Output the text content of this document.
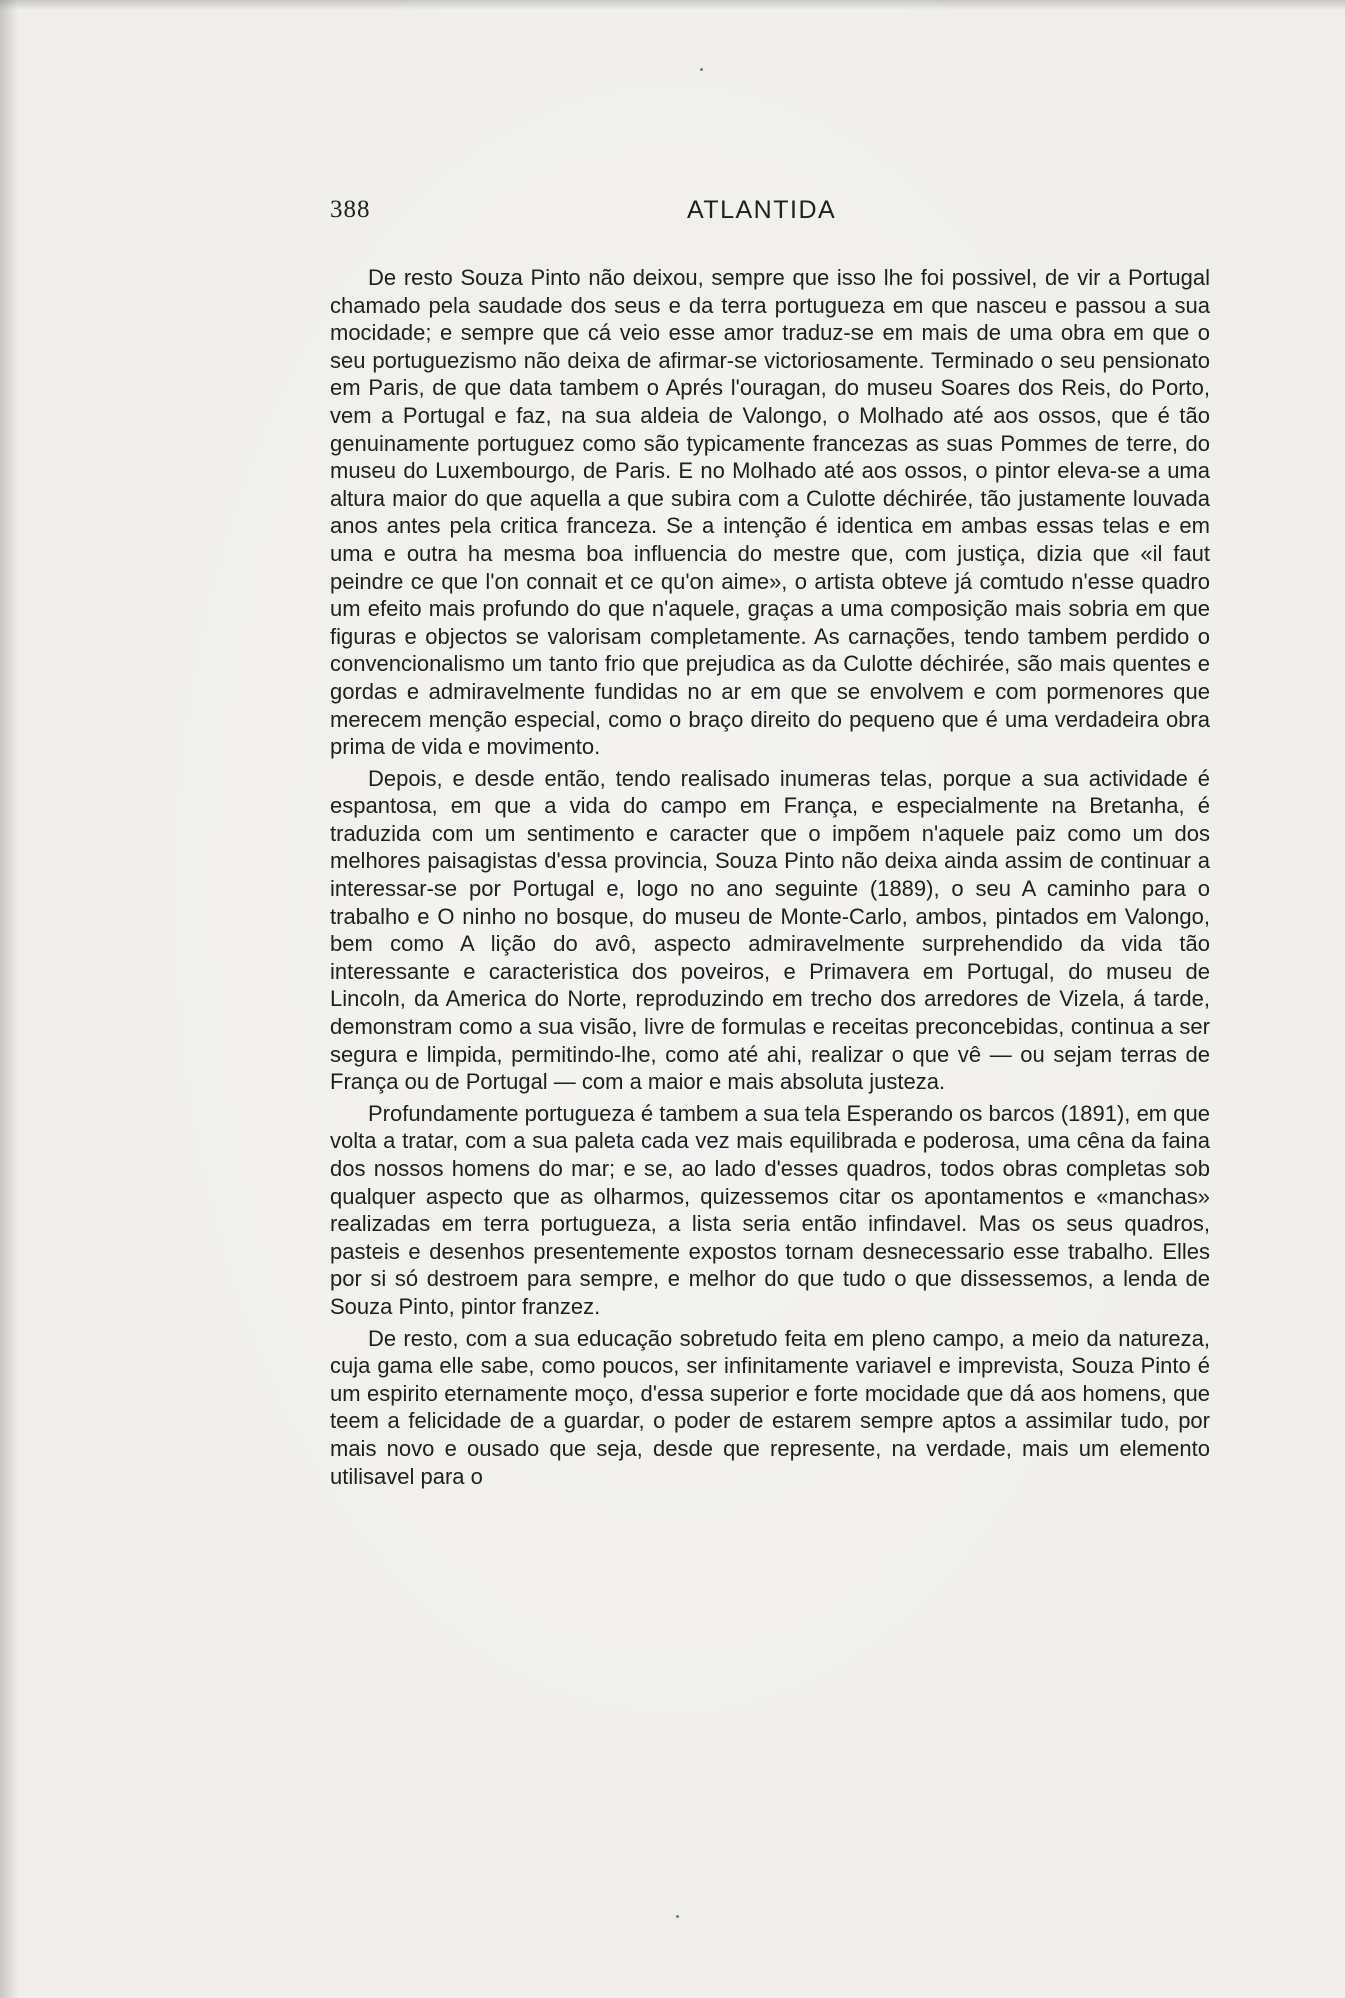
388	ATLANTIDA

De resto Souza Pinto não deixou, sempre que isso lhe foi possivel, de vir a Portugal chamado pela saudade dos seus e da terra portugueza em que nasceu e passou a sua mocidade; e sempre que cá veio esse amor traduz-se em mais de uma obra em que o seu portuguezismo não deixa de afirmar-se victoriosamente. Terminado o seu pensionato em Paris, de que data tambem o Aprés l'ouragan, do museu Soares dos Reis, do Porto, vem a Portugal e faz, na sua aldeia de Valongo, o Molhado até aos ossos, que é tão genuinamente portuguez como são typicamente francezas as suas Pommes de terre, do museu do Luxembourgo, de Paris. E no Molhado até aos ossos, o pintor eleva-se a uma altura maior do que aquella a que subira com a Culotte déchirée, tão justamente louvada anos antes pela critica franceza. Se a intenção é identica em ambas essas telas e em uma e outra ha mesma boa influencia do mestre que, com justiça, dizia que «il faut peindre ce que l'on connait et ce qu'on aime», o artista obteve já comtudo n'esse quadro um efeito mais profundo do que n'aquele, graças a uma composição mais sobria em que figuras e objectos se valorisam completamente. As carnações, tendo tambem perdido o convencionalismo um tanto frio que prejudica as da Culotte déchirée, são mais quentes e gordas e admiravelmente fundidas no ar em que se envolvem e com pormenores que merecem menção especial, como o braço direito do pequeno que é uma verdadeira obra prima de vida e movimento.

Depois, e desde então, tendo realisado inumeras telas, porque a sua actividade é espantosa, em que a vida do campo em França, e especialmente na Bretanha, é traduzida com um sentimento e caracter que o impõem n'aquele paiz como um dos melhores paisagistas d'essa provincia, Souza Pinto não deixa ainda assim de continuar a interessar-se por Portugal e, logo no ano seguinte (1889), o seu A caminho para o trabalho e O ninho no bosque, do museu de Monte-Carlo, ambos, pintados em Valongo, bem como A lição do avô, aspecto admiravelmente surprehendido da vida tão interessante e caracteristica dos poveiros, e Primavera em Portugal, do museu de Lincoln, da America do Norte, reproduzindo em trecho dos arredores de Vizela, á tarde, demonstram como a sua visão, livre de formulas e receitas preconcebidas, continua a ser segura e limpida, permitindo-lhe, como até ahi, realizar o que vê — ou sejam terras de França ou de Portugal — com a maior e mais absoluta justeza.

Profundamente portugueza é tambem a sua tela Esperando os barcos (1891), em que volta a tratar, com a sua paleta cada vez mais equilibrada e poderosa, uma cêna da faina dos nossos homens do mar; e se, ao lado d'esses quadros, todos obras completas sob qualquer aspecto que as olharmos, quizessemos citar os apontamentos e «manchas» realizadas em terra portugueza, a lista seria então infindavel. Mas os seus quadros, pasteis e desenhos presentemente expostos tornam desnecessario esse trabalho. Elles por si só destroem para sempre, e melhor do que tudo o que dissessemos, a lenda de Souza Pinto, pintor franzez.

De resto, com a sua educação sobretudo feita em pleno campo, a meio da natureza, cuja gama elle sabe, como poucos, ser infinitamente variavel e imprevista, Souza Pinto é um espirito eternamente moço, d'essa superior e forte mocidade que dá aos homens, que teem a felicidade de a guardar, o poder de estarem sempre aptos a assimilar tudo, por mais novo e ousado que seja, desde que represente, na verdade, mais um elemento utilisavel para o
